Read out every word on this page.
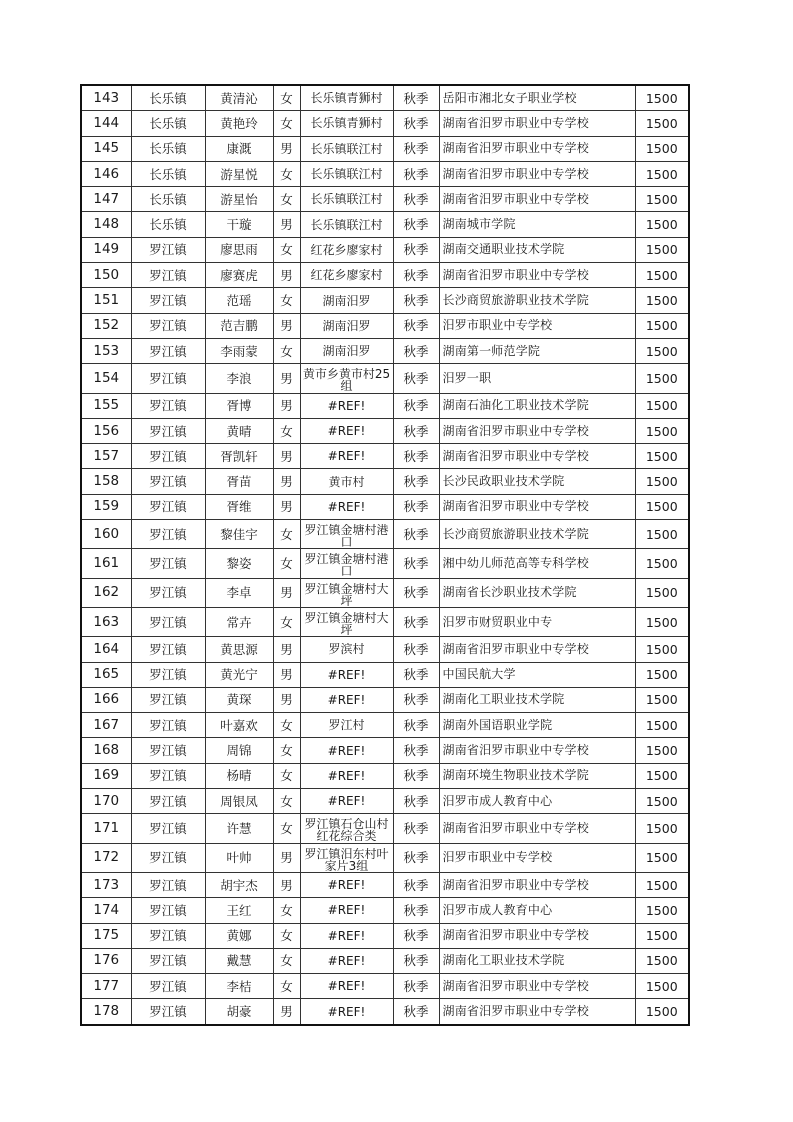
143	长乐镇	黄清沁	女	长乐镇青狮村	秋季	岳阳市湘北女子职业学校	1500
144	长乐镇	黄艳玲	女	长乐镇青狮村	秋季	湖南省汨罗市职业中专学校	1500
145	长乐镇	康溉	男	长乐镇联江村	秋季	湖南省汨罗市职业中专学校	1500
146	长乐镇	游星悦	女	长乐镇联江村	秋季	湖南省汨罗市职业中专学校	1500
147	长乐镇	游星怡	女	长乐镇联江村	秋季	湖南省汨罗市职业中专学校	1500
148	长乐镇	干璇	男	长乐镇联江村	秋季	湖南城市学院	1500
149	罗江镇	廖思雨	女	红花乡廖家村	秋季	湖南交通职业技术学院	1500
150	罗江镇	廖赛虎	男	红花乡廖家村	秋季	湖南省汨罗市职业中专学校	1500
151	罗江镇	范瑶	女	湖南汨罗	秋季	长沙商贸旅游职业技术学院	1500
152	罗江镇	范吉鹏	男	湖南汨罗	秋季	汨罗市职业中专学校	1500
153	罗江镇	李雨蒙	女	湖南汨罗	秋季	湖南第一师范学院	1500
154	罗江镇	李浪	男	黄市乡黄市村25组	秋季	汨罗一职	1500
155	罗江镇	胥博	男	#REF!	秋季	湖南石油化工职业技术学院	1500
156	罗江镇	黄晴	女	#REF!	秋季	湖南省汨罗市职业中专学校	1500
157	罗江镇	胥凯轩	男	#REF!	秋季	湖南省汨罗市职业中专学校	1500
158	罗江镇	胥苗	男	黄市村	秋季	长沙民政职业技术学院	1500
159	罗江镇	胥维	男	#REF!	秋季	湖南省汨罗市职业中专学校	1500
160	罗江镇	黎佳宇	女	罗江镇金塘村港口	秋季	长沙商贸旅游职业技术学院	1500
161	罗江镇	黎姿	女	罗江镇金塘村港口	秋季	湘中幼儿师范高等专科学校	1500
162	罗江镇	李卓	男	罗江镇金塘村大坪	秋季	湖南省长沙职业技术学院	1500
163	罗江镇	常卉	女	罗江镇金塘村大坪	秋季	汨罗市财贸职业中专	1500
164	罗江镇	黄思源	男	罗滨村	秋季	湖南省汨罗市职业中专学校	1500
165	罗江镇	黄光宁	男	#REF!	秋季	中国民航大学	1500
166	罗江镇	黄琛	男	#REF!	秋季	湖南化工职业技术学院	1500
167	罗江镇	叶嘉欢	女	罗江村	秋季	湖南外国语职业学院	1500
168	罗江镇	周锦	女	#REF!	秋季	湖南省汨罗市职业中专学校	1500
169	罗江镇	杨晴	女	#REF!	秋季	湖南环境生物职业技术学院	1500
170	罗江镇	周银凤	女	#REF!	秋季	汨罗市成人教育中心	1500
171	罗江镇	许慧	女	罗江镇石仓山村红花综合类	秋季	湖南省汨罗市职业中专学校	1500
172	罗江镇	叶帅	男	罗江镇汨东村叶家片3组	秋季	汨罗市职业中专学校	1500
173	罗江镇	胡宇杰	男	#REF!	秋季	湖南省汨罗市职业中专学校	1500
174	罗江镇	王红	女	#REF!	秋季	汨罗市成人教育中心	1500
175	罗江镇	黄娜	女	#REF!	秋季	湖南省汨罗市职业中专学校	1500
176	罗江镇	戴慧	女	#REF!	秋季	湖南化工职业技术学院	1500
177	罗江镇	李桔	女	#REF!	秋季	湖南省汨罗市职业中专学校	1500
178	罗江镇	胡豪	男	#REF!	秋季	湖南省汨罗市职业中专学校	1500
